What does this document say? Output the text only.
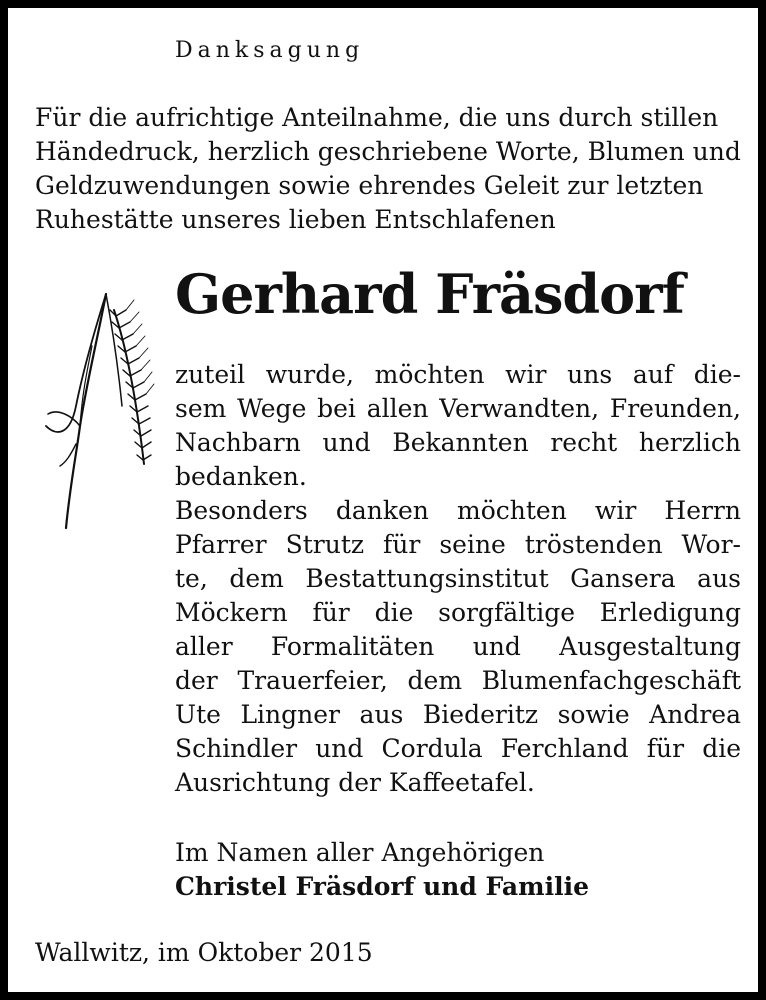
Danksagung
Für die aufrichtige Anteilnahme, die uns durch stillen
Händedruck, herzlich geschriebene Worte, Blumen und
Geldzuwendungen sowie ehrendes Geleit zur letzten
Ruhestätte unseres lieben Entschlafenen
Gerhard Fräsdorf
zuteil wurde, möchten wir uns auf die-
sem Wege bei allen Verwandten, Freunden,
Nachbarn und Bekannten recht herzlich
bedanken.
Besonders danken möchten wir Herrn
Pfarrer Strutz für seine tröstenden Wor-
te, dem Bestattungsinstitut Gansera aus
Möckern für die sorgfältige Erledigung
aller Formalitäten und Ausgestaltung
der Trauerfeier, dem Blumenfachgeschäft
Ute Lingner aus Biederitz sowie Andrea
Schindler und Cordula Ferchland für die
Ausrichtung der Kaffeetafel.
Im Namen aller Angehörigen
Christel Fräsdorf und Familie
Wallwitz, im Oktober 2015
